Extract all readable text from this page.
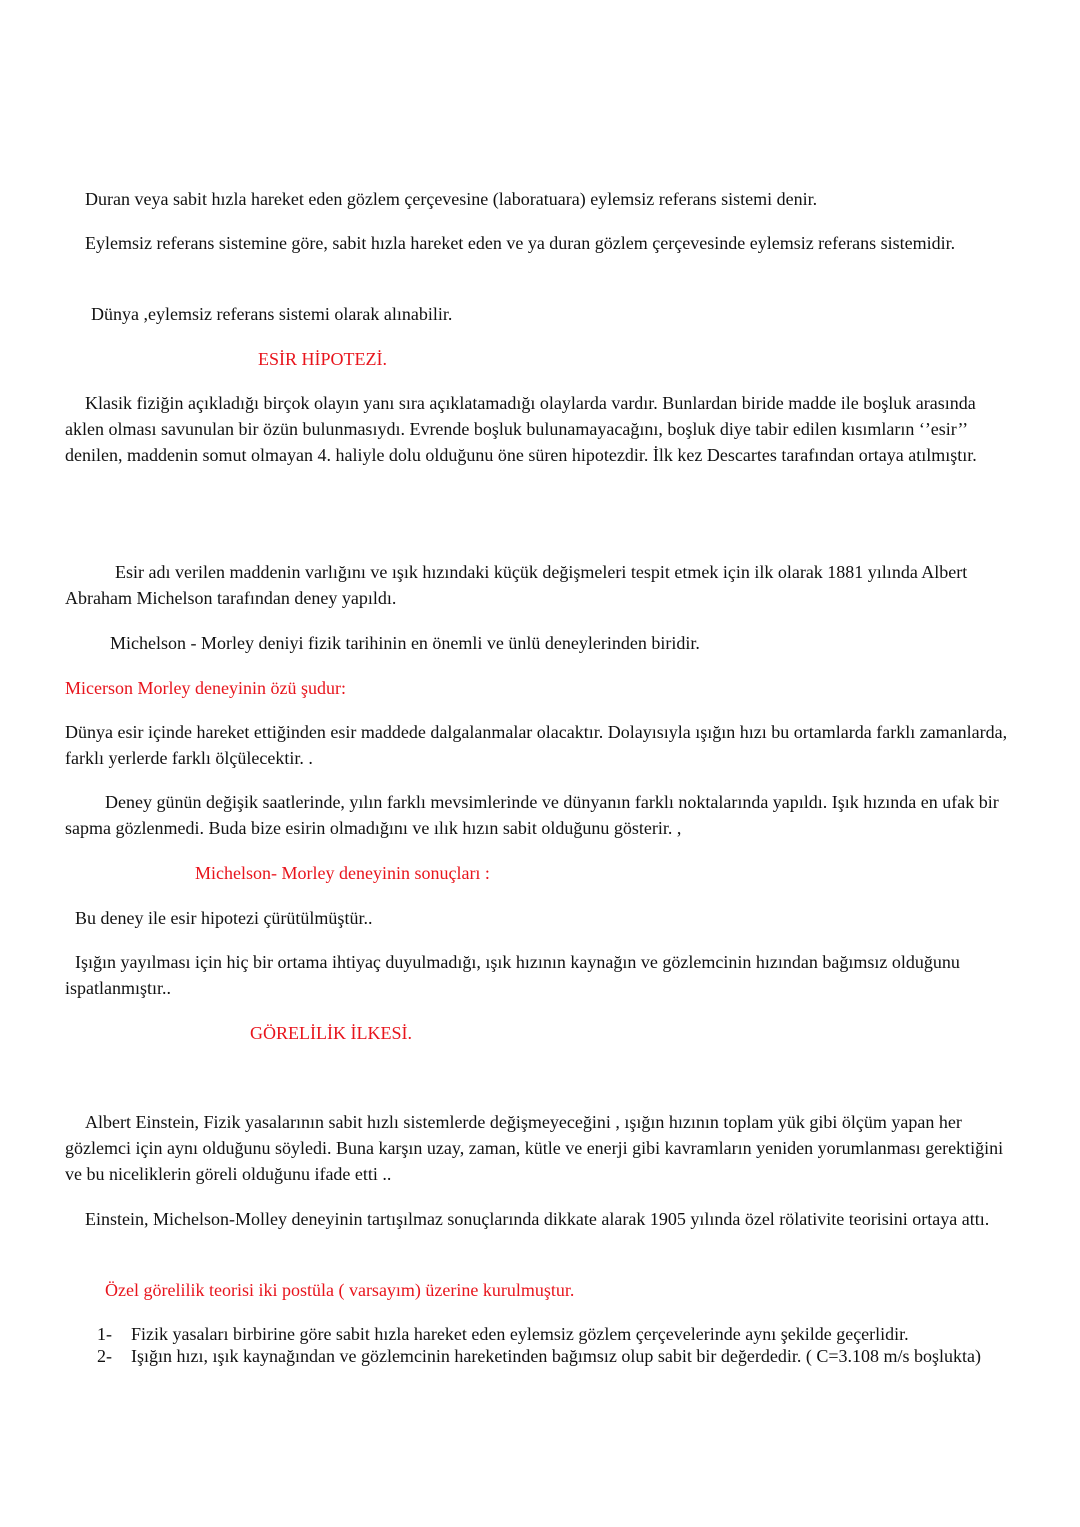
Duran veya sabit hızla hareket eden gözlem çerçevesine (laboratuara) eylemsiz referans sistemi denir.

Eylemsiz referans sistemine göre, sabit hızla hareket eden ve ya duran gözlem çerçevesinde eylemsiz referans sistemidir.

Dünya ,eylemsiz referans sistemi olarak alınabilir.

ESİR HİPOTEZİ.

Klasik fiziğin açıkladığı birçok olayın yanı sıra açıklatamadığı olaylarda vardır. Bunlardan biride madde ile boşluk arasında aklen olması savunulan bir özün bulunmasıydı. Evrende boşluk bulunamayacağını, boşluk diye tabir edilen kısımların ‘’esir’’ denilen, maddenin somut olmayan 4. haliyle dolu olduğunu öne süren hipotezdir. İlk kez Descartes tarafından ortaya atılmıştır.

Esir adı verilen maddenin varlığını ve ışık hızındaki küçük değişmeleri tespit etmek için ilk olarak 1881 yılında Albert Abraham Michelson tarafından deney yapıldı.

Michelson - Morley deniyi fizik tarihinin en önemli ve ünlü deneylerinden biridir.

Micerson Morley deneyinin özü şudur:

Dünya esir içinde hareket ettiğinden esir maddede dalgalanmalar olacaktır. Dolayısıyla ışığın hızı bu ortamlarda farklı zamanlarda, farklı yerlerde farklı ölçülecektir. .

Deney günün değişik saatlerinde, yılın farklı mevsimlerinde ve dünyanın farklı noktalarında yapıldı. Işık hızında en ufak bir sapma gözlenmedi. Buda bize esirin olmadığını ve ılık hızın sabit olduğunu gösterir. ,

Michelson- Morley deneyinin sonuçları :

Bu deney ile esir hipotezi çürütülmüştür..

Işığın yayılması için hiç bir ortama ihtiyaç duyulmadığı, ışık hızının kaynağın ve gözlemcinin hızından bağımsız olduğunu ispatlanmıştır..

GÖRELİLİK İLKESİ.

Albert Einstein, Fizik yasalarının sabit hızlı sistemlerde değişmeyeceğini , ışığın hızının toplam yük gibi ölçüm yapan her gözlemci için aynı olduğunu söyledi. Buna karşın uzay, zaman, kütle ve enerji gibi kavramların yeniden yorumlanması gerektiğini ve bu niceliklerin göreli olduğunu ifade etti ..

Einstein, Michelson-Molley deneyinin tartışılmaz sonuçlarında dikkate alarak 1905 yılında özel rölativite teorisini ortaya attı.

Özel görelilik teorisi iki postüla ( varsayım) üzerine kurulmuştur.

1- Fizik yasaları birbirine göre sabit hızla hareket eden eylemsiz gözlem çerçevelerinde aynı şekilde geçerlidir.
2- Işığın hızı, ışık kaynağından ve gözlemcinin hareketinden bağımsız olup sabit bir değerdedir. ( C=3.108 m/s boşlukta)
